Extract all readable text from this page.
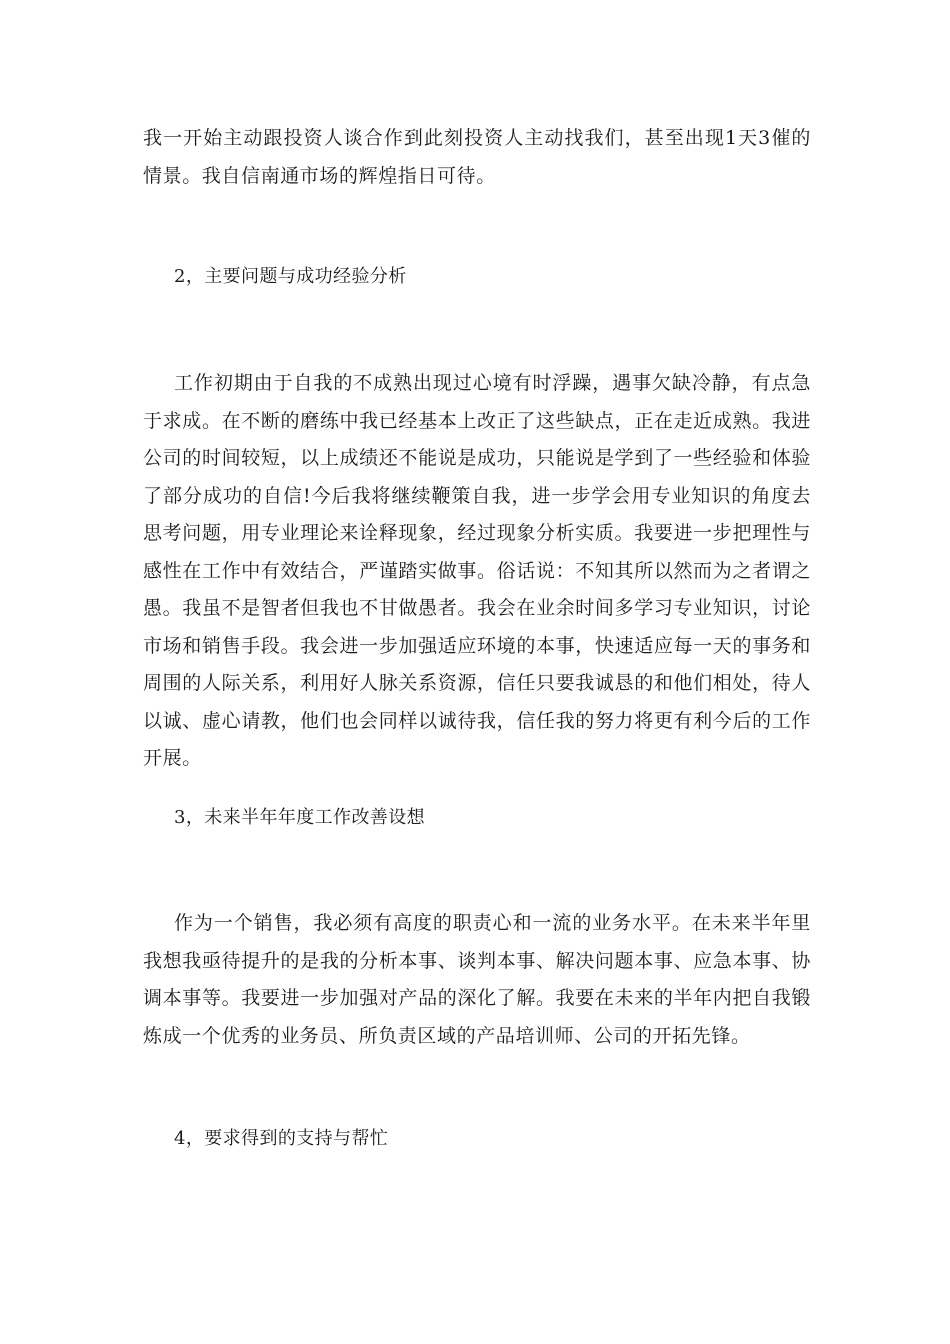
我一开始主动跟投资人谈合作到此刻投资人主动找我们，甚至出现1天3催的情景。我自信南通市场的辉煌指日可待。

2，主要问题与成功经验分析

工作初期由于自我的不成熟出现过心境有时浮躁，遇事欠缺冷静，有点急于求成。在不断的磨练中我已经基本上改正了这些缺点，正在走近成熟。我进公司的时间较短，以上成绩还不能说是成功，只能说是学到了一些经验和体验了部分成功的自信!今后我将继续鞭策自我，进一步学会用专业知识的角度去思考问题，用专业理论来诠释现象，经过现象分析实质。我要进一步把理性与感性在工作中有效结合，严谨踏实做事。俗话说：不知其所以然而为之者谓之愚。我虽不是智者但我也不甘做愚者。我会在业余时间多学习专业知识，讨论市场和销售手段。我会进一步加强适应环境的本事，快速适应每一天的事务和周围的人际关系，利用好人脉关系资源，信任只要我诚恳的和他们相处，待人以诚、虚心请教，他们也会同样以诚待我，信任我的努力将更有利今后的工作开展。

3，未来半年年度工作改善设想

作为一个销售，我必须有高度的职责心和一流的业务水平。在未来半年里我想我亟待提升的是我的分析本事、谈判本事、解决问题本事、应急本事、协调本事等。我要进一步加强对产品的深化了解。我要在未来的半年内把自我锻炼成一个优秀的业务员、所负责区域的产品培训师、公司的开拓先锋。

4，要求得到的支持与帮忙
